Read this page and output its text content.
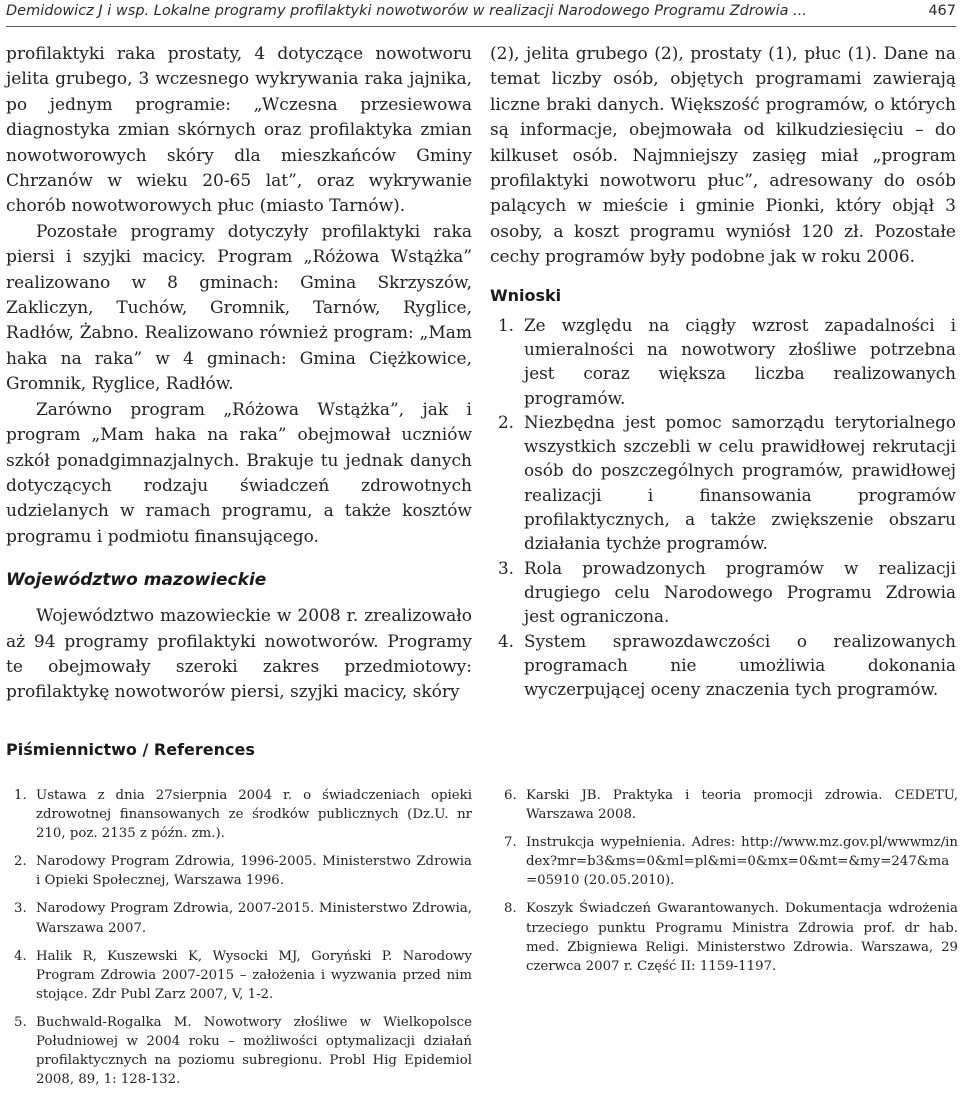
Demidowicz J i wsp. Lokalne programy profilaktyki nowotworów w realizacji Narodowego Programu Zdrowia ...	467

profilaktyki raka prostaty, 4 dotyczące nowotworu jelita grubego, 3 wczesnego wykrywania raka jajnika, po jednym programie: „Wczesna przesiewowa diagnostyka zmian skórnych oraz profilaktyka zmian nowotworowych skóry dla mieszkańców Gminy Chrzanów w wieku 20-65 lat”, oraz wykrywanie chorób nowotworowych płuc (miasto Tarnów).

Pozostałe programy dotyczyły profilaktyki raka piersi i szyjki macicy. Program „Różowa Wstążka” realizowano w 8 gminach: Gmina Skrzyszów, Zakliczyn, Tuchów, Gromnik, Tarnów, Ryglice, Radłów, Żabno. Realizowano również program: „Mam haka na raka” w 4 gminach: Gmina Ciężkowice, Gromnik, Ryglice, Radłów.

Zarówno program „Różowa Wstążka”, jak i program „Mam haka na raka” obejmował uczniów szkół ponadgimnazjalnych. Brakuje tu jednak danych dotyczących rodzaju świadczeń zdrowotnych udzielanych w ramach programu, a także kosztów programu i podmiotu finansującego.

Województwo mazowieckie

Województwo mazowieckie w 2008 r. zrealizowało aż 94 programy profilaktyki nowotworów. Programy te obejmowały szeroki zakres przedmiotowy: profilaktykę nowotworów piersi, szyjki macicy, skóry

(2), jelita grubego (2), prostaty (1), płuc (1). Dane na temat liczby osób, objętych programami zawierają liczne braki danych. Większość programów, o których są informacje, obejmowała od kilkudziesięciu – do kilkuset osób. Najmniejszy zasięg miał „program profilaktyki nowotworu płuc”, adresowany do osób palących w mieście i gminie Pionki, który objął 3 osoby, a koszt programu wyniósł 120 zł. Pozostałe cechy programów były podobne jak w roku 2006.

Wnioski
1. Ze względu na ciągły wzrost zapadalności i umieralności na nowotwory złośliwe potrzebna jest coraz większa liczba realizowanych programów.
2. Niezbędna jest pomoc samorządu terytorialnego wszystkich szczebli w celu prawidłowej rekrutacji osób do poszczególnych programów, prawidłowej realizacji i finansowania programów profilaktycznych, a także zwiększenie obszaru działania tychże programów.
3. Rola prowadzonych programów w realizacji drugiego celu Narodowego Programu Zdrowia jest ograniczona.
4. System sprawozdawczości o realizowanych programach nie umożliwia dokonania wyczerpującej oceny znaczenia tych programów.
Piśmiennictwo / References
1. Ustawa z dnia 27sierpnia 2004 r. o świadczeniach opieki zdrowotnej finansowanych ze środków publicznych (Dz.U. nr 210, poz. 2135 z późn. zm.).
2. Narodowy Program Zdrowia, 1996-2005. Ministerstwo Zdrowia i Opieki Społecznej, Warszawa 1996.
3. Narodowy Program Zdrowia, 2007-2015. Ministerstwo Zdrowia, Warszawa 2007.
4. Halik R, Kuszewski K, Wysocki MJ, Goryński P. Narodowy Program Zdrowia 2007-2015 – założenia i wyzwania przed nim stojące. Zdr Publ Zarz 2007, V, 1-2.
5. Buchwald-Rogalka M. Nowotwory złośliwe w Wielkopolsce Południowej w 2004 roku – możliwości optymalizacji działań profilaktycznych na poziomu subregionu. Probl Hig Epidemiol 2008, 89, 1: 128-132.
6. Karski JB. Praktyka i teoria promocji zdrowia. CEDETU, Warszawa 2008.
7. Instrukcja wypełnienia. Adres: http://www.mz.gov.pl/wwwmz/index?mr=b3&ms=0&ml=pl&mi=0&mx=0&mt=&my=247&ma=05910 (20.05.2010).
8. Koszyk Świadczeń Gwarantowanych. Dokumentacja wdrożenia trzeciego punktu Programu Ministra Zdrowia prof. dr hab. med. Zbigniewa Religi. Ministerstwo Zdrowia. Warszawa, 29 czerwca 2007 r. Część II: 1159-1197.
